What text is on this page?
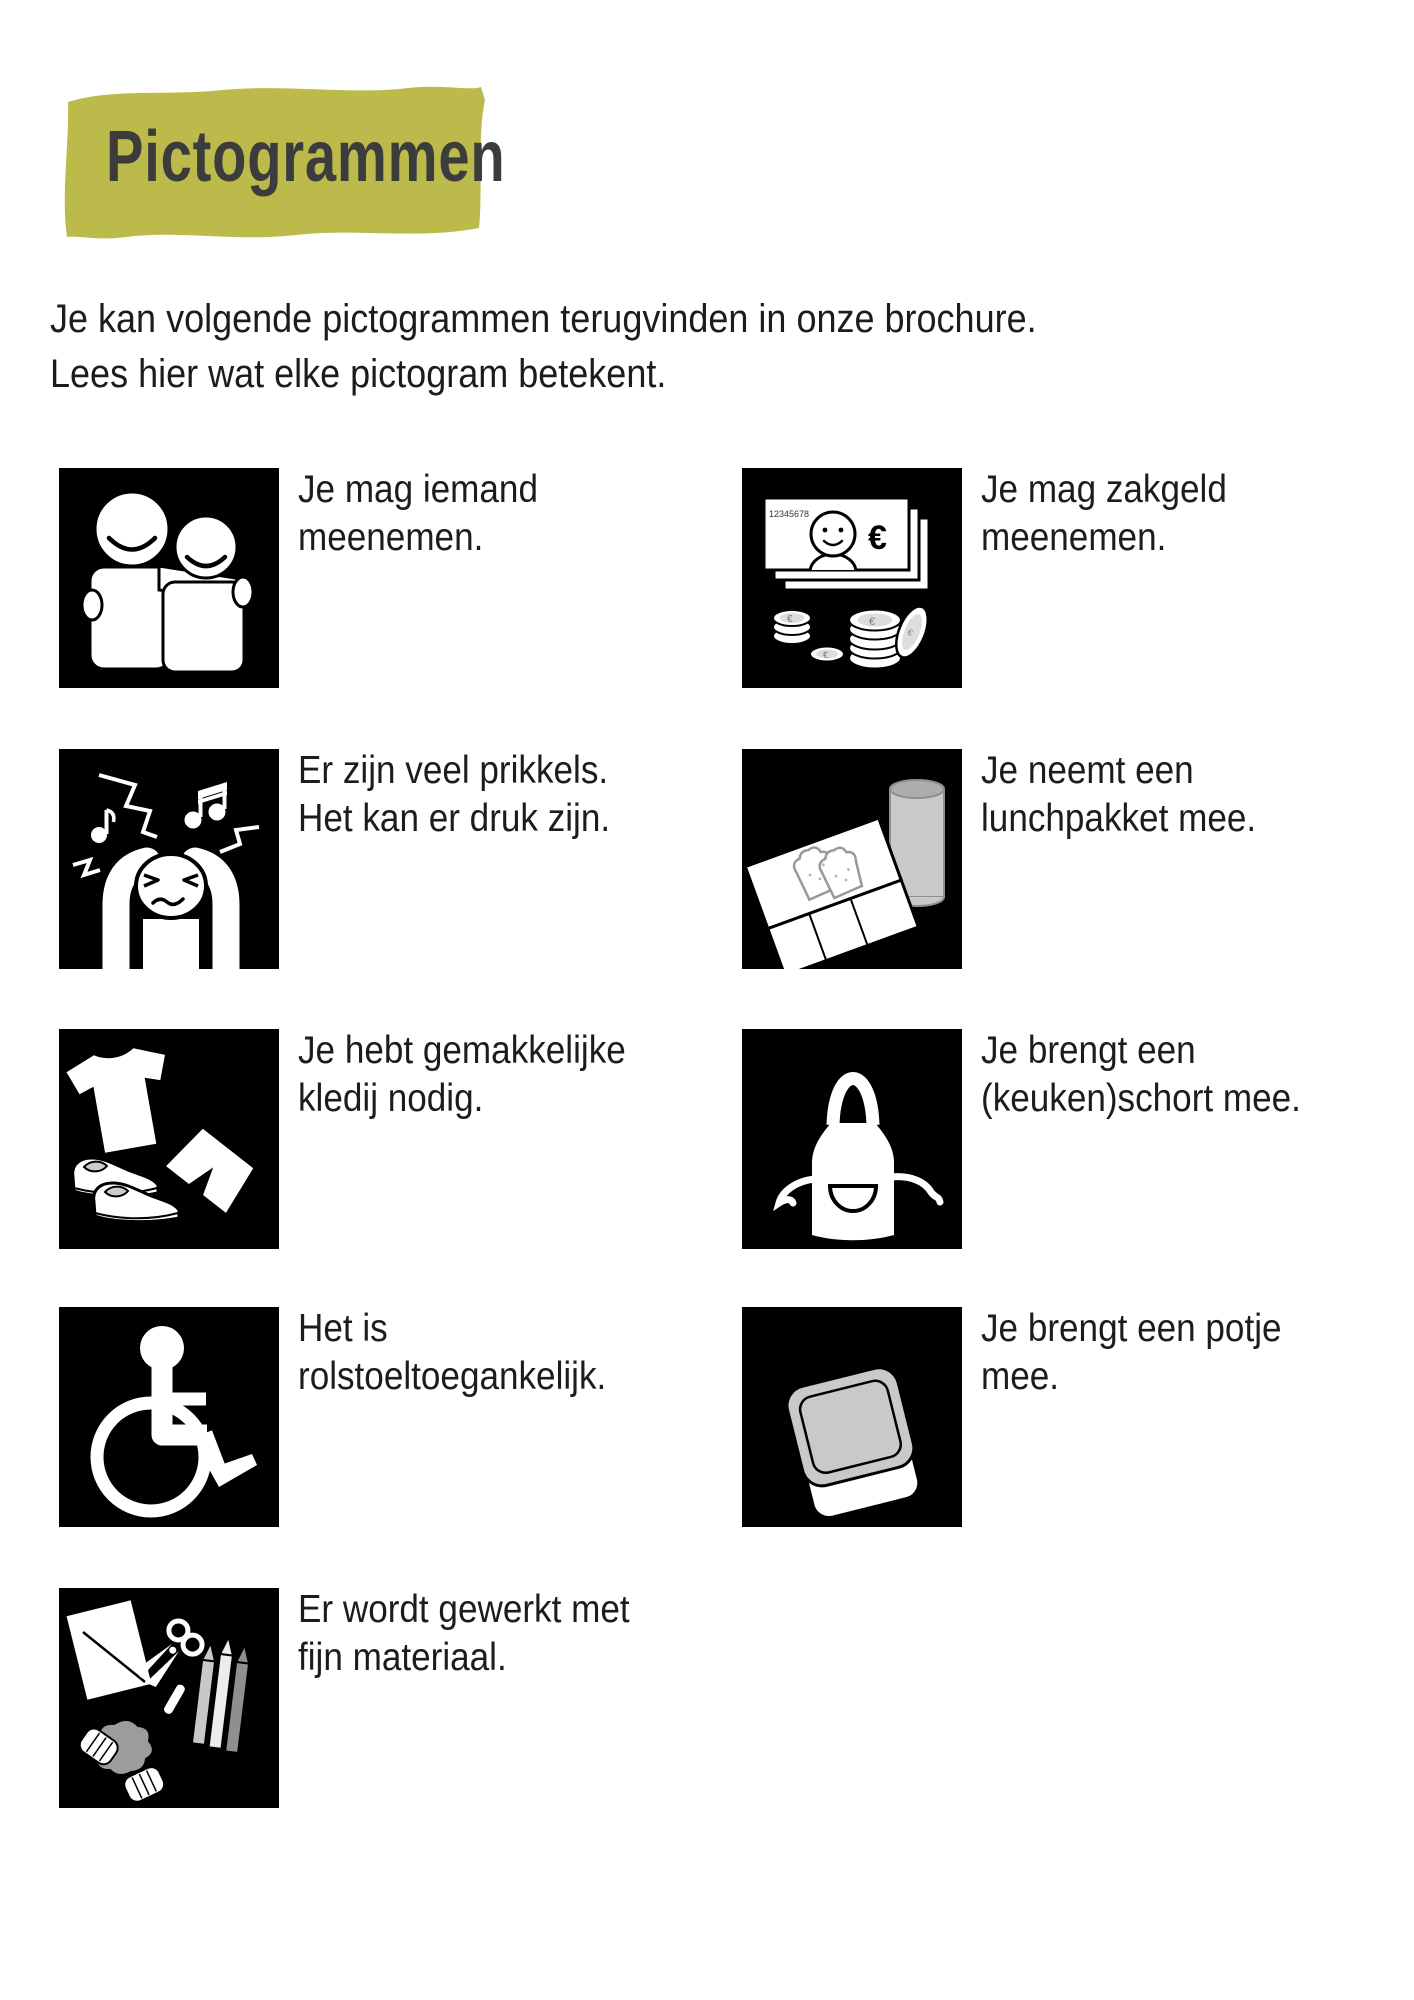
Pictogrammen
Je kan volgende pictogrammen terugvinden in onze brochure.
Lees hier wat elke pictogram betekent.
Je mag iemand
meenemen.
12345678
€
€
€
€
€
Je mag zakgeld
meenemen.
Er zijn veel prikkels.
Het kan er druk zijn.
Je neemt een
lunchpakket mee.
Je hebt gemakkelijke
kledij nodig.
Je brengt een
(keuken)schort mee.
Het is
rolstoeltoegankelijk.
Je brengt een potje
mee.
Er wordt gewerkt met
fijn materiaal.
